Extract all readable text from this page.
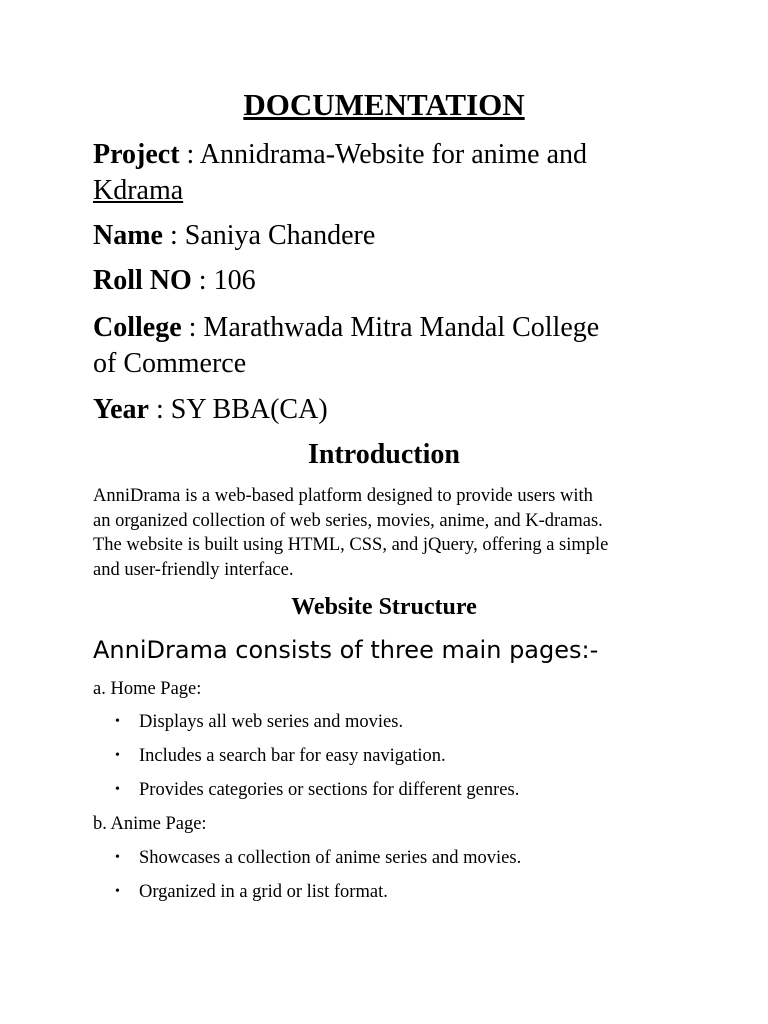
DOCUMENTATION

Project : Annidrama-Website for anime and
Kdrama

Name : Saniya Chandere

Roll NO : 106

College : Marathwada Mitra Mandal College
of Commerce

Year : SY BBA(CA)

Introduction

AnniDrama is a web-based platform designed to provide users with
an organized collection of web series, movies, anime, and K-dramas.
The website is built using HTML, CSS, and jQuery, offering a simple
and user-friendly interface.

Website Structure

AnniDrama consists of three main pages:-

a. Home Page:

• Displays all web series and movies.
• Includes a search bar for easy navigation.
• Provides categories or sections for different genres.

b. Anime Page:

• Showcases a collection of anime series and movies.
• Organized in a grid or list format.
